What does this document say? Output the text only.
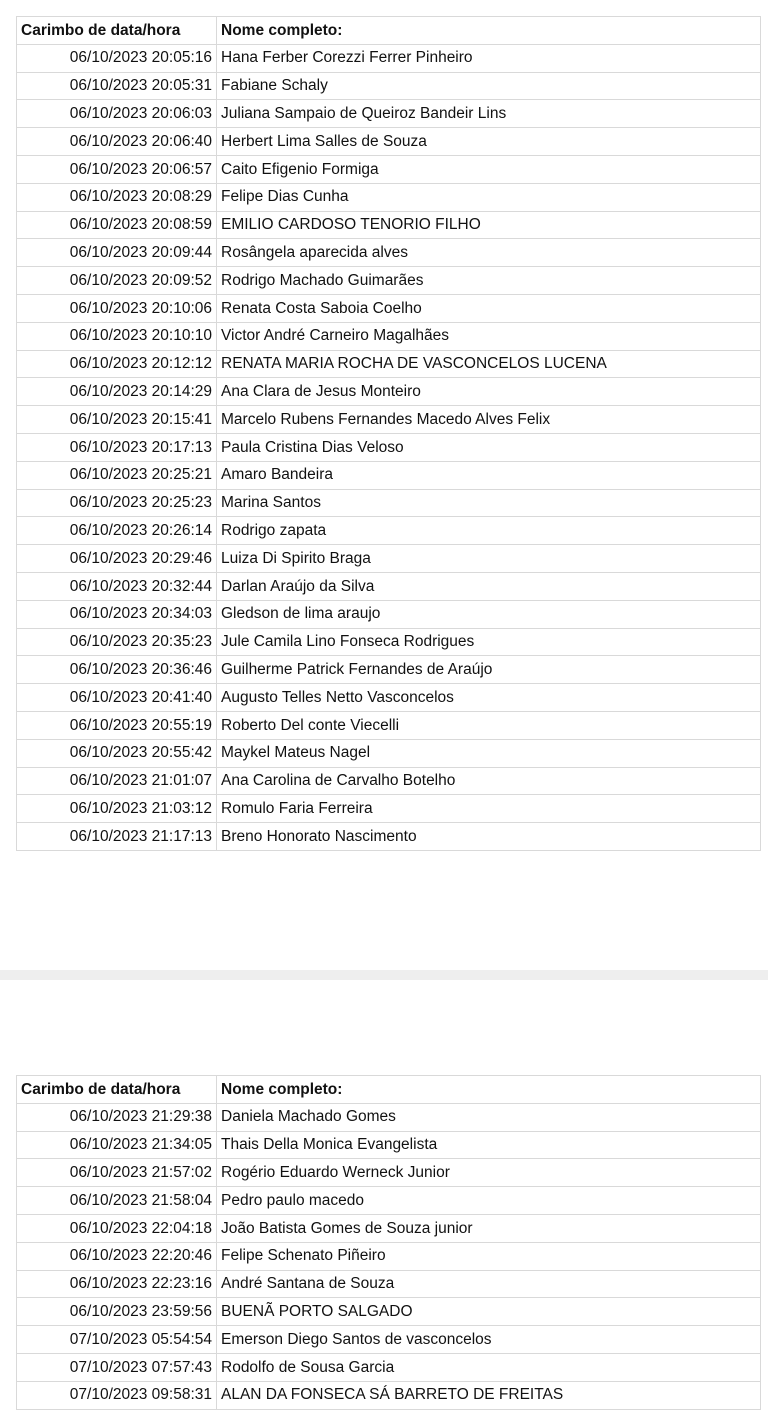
Carimbo de data/hora	Nome completo:
06/10/2023 20:05:16	Hana Ferber Corezzi Ferrer Pinheiro
06/10/2023 20:05:31	Fabiane Schaly
06/10/2023 20:06:03	Juliana Sampaio de Queiroz Bandeir Lins
06/10/2023 20:06:40	Herbert Lima Salles de Souza
06/10/2023 20:06:57	Caito Efigenio Formiga
06/10/2023 20:08:29	Felipe Dias Cunha
06/10/2023 20:08:59	EMILIO CARDOSO TENORIO FILHO
06/10/2023 20:09:44	Rosângela aparecida alves
06/10/2023 20:09:52	Rodrigo Machado Guimarães
06/10/2023 20:10:06	Renata Costa Saboia Coelho
06/10/2023 20:10:10	Victor André Carneiro Magalhães
06/10/2023 20:12:12	RENATA MARIA ROCHA DE VASCONCELOS LUCENA
06/10/2023 20:14:29	Ana Clara de Jesus Monteiro
06/10/2023 20:15:41	Marcelo Rubens Fernandes Macedo Alves Felix
06/10/2023 20:17:13	Paula Cristina Dias Veloso
06/10/2023 20:25:21	Amaro Bandeira
06/10/2023 20:25:23	Marina Santos
06/10/2023 20:26:14	Rodrigo zapata
06/10/2023 20:29:46	Luiza Di Spirito Braga
06/10/2023 20:32:44	Darlan Araújo da Silva
06/10/2023 20:34:03	Gledson de lima araujo
06/10/2023 20:35:23	Jule Camila Lino Fonseca Rodrigues
06/10/2023 20:36:46	Guilherme Patrick Fernandes de Araújo
06/10/2023 20:41:40	Augusto Telles Netto Vasconcelos
06/10/2023 20:55:19	Roberto Del conte Viecelli
06/10/2023 20:55:42	Maykel Mateus Nagel
06/10/2023 21:01:07	Ana Carolina de Carvalho Botelho
06/10/2023 21:03:12	Romulo Faria Ferreira
06/10/2023 21:17:13	Breno Honorato Nascimento
Carimbo de data/hora	Nome completo:
06/10/2023 21:29:38	Daniela Machado Gomes
06/10/2023 21:34:05	Thais Della Monica Evangelista
06/10/2023 21:57:02	Rogério Eduardo Werneck Junior
06/10/2023 21:58:04	Pedro paulo macedo
06/10/2023 22:04:18	João Batista Gomes de Souza junior
06/10/2023 22:20:46	Felipe Schenato Piñeiro
06/10/2023 22:23:16	André Santana de Souza
06/10/2023 23:59:56	BUENÃ PORTO SALGADO
07/10/2023 05:54:54	Emerson Diego Santos de vasconcelos
07/10/2023 07:57:43	Rodolfo de Sousa Garcia
07/10/2023 09:58:31	ALAN DA FONSECA SÁ BARRETO DE FREITAS
